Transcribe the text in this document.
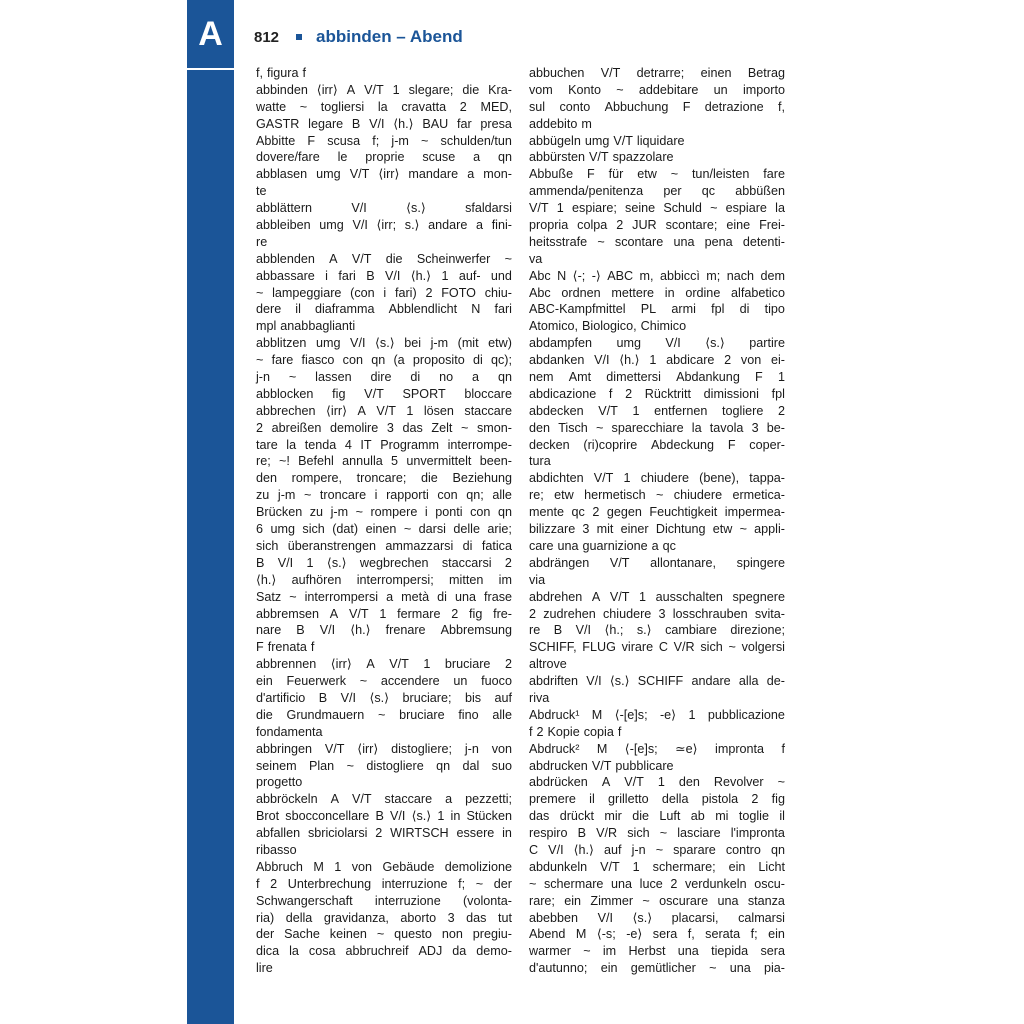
A	812 abbinden – Abend
f, figura f
abbinden ⟨irr⟩ A V/T 1 slegare; die Kra-
watte ~ togliersi la cravatta 2 MED,
GASTR legare B V/I ⟨h.⟩ BAU far presa
Abbitte F scusa f; j-m ~ schulden/tun
dovere/fare le proprie scuse a qn
abblasen umg V/T ⟨irr⟩ mandare a mon-
te
abblättern	V/I	⟨s.⟩	sfaldarsi
abbleiben umg V/I ⟨irr; s.⟩ andare a fini-
re
abblenden A V/T die Scheinwerfer ~
abbassare i fari B V/I ⟨h.⟩ 1 auf- und
~ lampeggiare (con i fari) 2 FOTO chiu-
dere il diaframma Abblendlicht N fari
mpl anabbaglianti
abblitzen umg V/I ⟨s.⟩ bei j-m (mit etw)
~ fare fiasco con qn (a proposito di qc);
j-n ~ lassen dire di no a qn
abblocken fig V/T SPORT bloccare
abbrechen ⟨irr⟩ A V/T 1 lösen staccare
2 abreißen demolire 3 das Zelt ~ smon-
tare la tenda 4 IT Programm interrompe-
re; ~! Befehl annulla 5 unvermittelt been-
den rompere, troncare; die Beziehung
zu j-m ~ troncare i rapporti con qn; alle
Brücken zu j-m ~ rompere i ponti con qn
6 umg sich (dat) einen ~ darsi delle arie;
sich überanstrengen ammazzarsi di fatica
B V/I 1 ⟨s.⟩ wegbrechen staccarsi 2
⟨h.⟩ aufhören interrompersi; mitten im
Satz ~ interrompersi a metà di una frase
abbremsen A V/T 1 fermare 2 fig fre-
nare B V/I ⟨h.⟩ frenare Abbremsung
F frenata f
abbrennen ⟨irr⟩ A V/T 1 bruciare 2
ein Feuerwerk ~ accendere un fuoco
d'artificio B V/I ⟨s.⟩ bruciare; bis auf
die Grundmauern ~ bruciare fino alle
fondamenta
abbringen V/T ⟨irr⟩ distogliere; j-n von
seinem Plan ~ distogliere qn dal suo
progetto
abbröckeln A V/T staccare a pezzetti;
Brot sbocconcellare B V/I ⟨s.⟩ 1 in Stücken
abfallen sbriciolarsi 2 WIRTSCH essere in
ribasso
Abbruch M 1 von Gebäude demolizione
f 2 Unterbrechung interruzione f; ~ der
Schwangerschaft interruzione (volonta-
ria) della gravidanza, aborto 3 das tut
der Sache keinen ~ questo non pregiu-
dica la cosa abbruchreif ADJ da demo-
lire
abbuchen V/T detrarre; einen Betrag
vom Konto ~ addebitare un importo
sul conto Abbuchung F detrazione f,
addebito m
abbügeln umg V/T liquidare
abbürsten V/T spazzolare
Abbuße F für etw ~ tun/leisten fare
ammenda/penitenza per qc abbüßen
V/T 1 espiare; seine Schuld ~ espiare la
propria colpa 2 JUR scontare; eine Frei-
heitsstrafe ~ scontare una pena detenti-
va
Abc N ⟨-; -⟩ ABC m, abbiccì m; nach dem
Abc ordnen mettere in ordine alfabetico
ABC-Kampfmittel PL armi fpl di tipo
Atomico, Biologico, Chimico
abdampfen umg V/I ⟨s.⟩ partire
abdanken V/I ⟨h.⟩ 1 abdicare 2 von ei-
nem Amt dimettersi Abdankung F 1
abdicazione f 2 Rücktritt dimissioni fpl
abdecken V/T 1 entfernen togliere 2
den Tisch ~ sparecchiare la tavola 3 be-
decken (ri)coprire Abdeckung F coper-
tura
abdichten V/T 1 chiudere (bene), tappa-
re; etw hermetisch ~ chiudere ermetica-
mente qc 2 gegen Feuchtigkeit impermea-
bilizzare 3 mit einer Dichtung etw ~ appli-
care una guarnizione a qc
abdrängen V/T allontanare, spingere
via
abdrehen A V/T 1 ausschalten spegnere
2 zudrehen chiudere 3 losschrauben svita-
re B V/I ⟨h.; s.⟩ cambiare direzione;
SCHIFF, FLUG virare C V/R sich ~ volgersi
altrove
abdriften V/I ⟨s.⟩ SCHIFF andare alla de-
riva
Abdruck¹ M ⟨-[e]s; -e⟩ 1 pubblicazione
f 2 Kopie copia f
Abdruck² M ⟨-[e]s; ≃e⟩ impronta f
abdrucken V/T pubblicare
abdrücken A V/T 1 den Revolver ~
premere il grilletto della pistola 2 fig
das drückt mir die Luft ab mi toglie il
respiro B V/R sich ~ lasciare l'impronta
C V/I ⟨h.⟩ auf j-n ~ sparare contro qn
abdunkeln V/T 1 schermare; ein Licht
~ schermare una luce 2 verdunkeln oscu-
rare; ein Zimmer ~ oscurare una stanza
abebben V/I ⟨s.⟩ placarsi, calmarsi
Abend M ⟨-s; -e⟩ sera f, serata f; ein
warmer ~ im Herbst una tiepida sera
d'autunno; ein gemütlicher ~ una pia-
